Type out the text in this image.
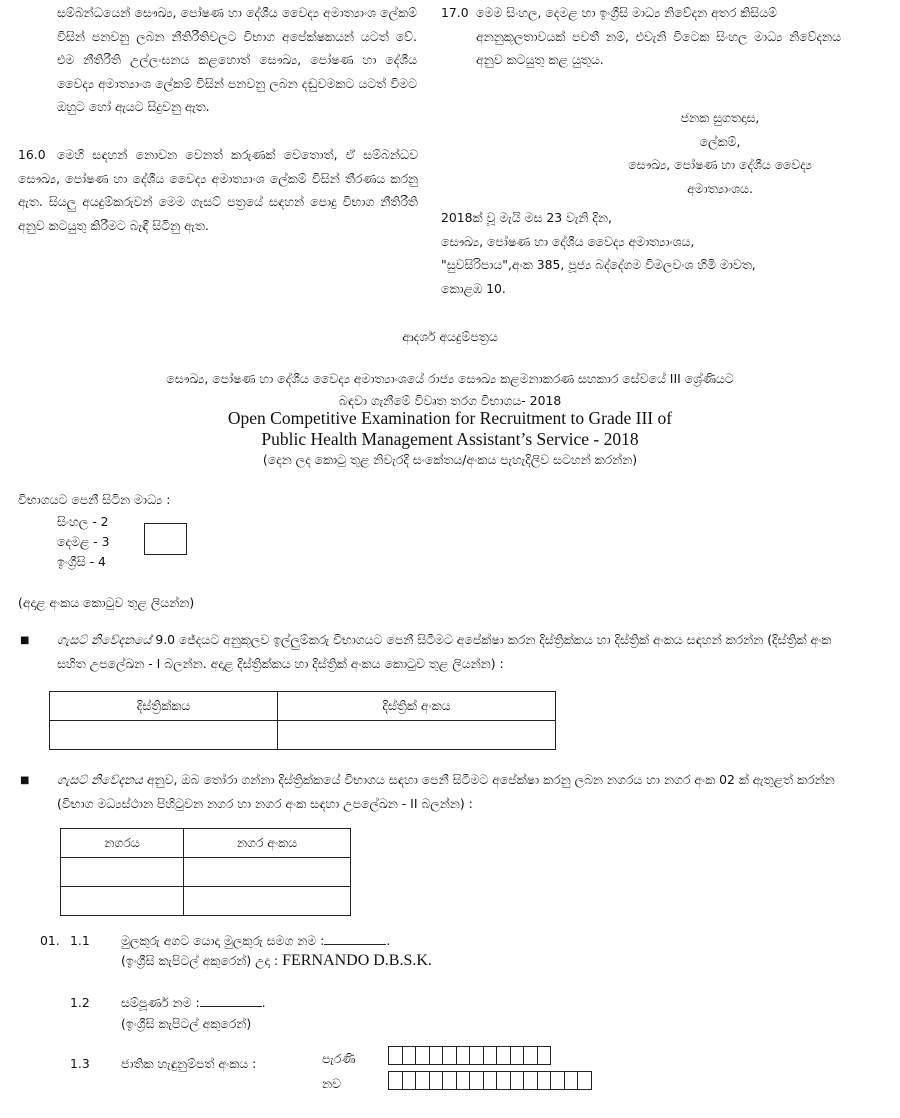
සම්බන්ධයෙන් සෞඛ්‍ය, පෝෂණ හා දේශීය වෛද්‍ය අමාත්‍යාංශ ලේකම් විසින් පනවනු ලබන නීතිරීතිවලට විභාග අපේක්ෂකයන් යටත් වේ. එම නීතිරීති උල්ලංඝනය කළහොත් සෞඛ්‍ය, පෝෂණ හා දේශීය වෛද්‍ය අමාත්‍යාංශ ලේකම් විසින් පනවනු ලබන දඬුවමකට යටත් විමට ඔහුට හෝ ඇයට සිදුවනු ඇත.
16.0 මෙහි සඳහන් නොවන වෙනත් කරුණක් වෙතොත්, ඒ සම්බන්ධව සෞඛ්‍ය, පෝෂණ හා දේශීය වෛද්‍ය අමාත්‍යාංශ ලේකම් විසින් තීරණය කරනු ඇත. සියලු අයදුම්කරුවන් මෙම ගැසට් පත්‍රයේ සඳහන් පොදු විභාග නීතිරීති අනුව කටයුතු කිරීමට බැඳී සිටිනු ඇත.
17.0 මෙම සිංහල, දෙමළ හා ඉංග්‍රීසි මාධ්‍ය නිවේදන අතර කිසියම්
අනනුකූලතාවයක් පවතී නම්, එවැනි විටෙක සිංහල මාධ්‍ය නිවේදනය අනුව කටයුතු කළ යුතුය.
ජනක සුගතදාස,
ලේකම්,
සෞඛ්‍ය, පෝෂණ හා දේශීය වෛද්‍ය
අමාත්‍යාංශය.
2018ක් වූ මැයි මස 23 වැනි දින,
සෞඛ්‍ය, පෝෂණ හා දේශීය වෛද්‍ය අමාත්‍යාංශය,
"සුවසිරිපාය",අංක 385, පූජ්‍ය බද්දේගම විමලවංශ හිමි මාවත,
කොළඹ 10.
ආදර්ශ අයදුම්පත්‍රය
සෞඛ්‍ය, පෝෂණ හා දේශීය වෛද්‍ය අමාත්‍යාංශයේ රාජ්‍ය සෞඛ්‍ය කළමනාකරණ සහකාර සේවයේ III ශ්‍රේණියට
බඳවා ගැනීමේ විවෘත තරග විභාගය- 2018
Open Competitive Examination for Recruitment to Grade III of
Public Health Management Assistant’s Service - 2018
(දෙන ලද කොටු තුළ නිවැරදි සංකේතය/අංකය පැහැදිලිව සටහන් කරන්න)
විභාගයට පෙනී සිටින මාධ්‍ය :
සිංහල - 2
දෙමළ - 3
ඉංග්‍රීසි - 4
(අදාළ අංකය කොටුව තුළ ලියන්න)
■ ගැසට් නිවේදනයේ 9.0 ජේදයට අනුකූලව ඉල්ලුම්කරු විභාගයට පෙනී සිටීමට අපේක්ෂා කරන දිස්ත්‍රික්කය හා දිස්ත්‍රික් අංකය සඳහන් කරන්න (දිස්ත්‍රික් අංක සහිත උපලේඛන - I බලන්න. අදාළ දිස්ත්‍රික්කය හා දිස්ත්‍රික් අංකය කොටුව තුළ ලියන්න) :
දිස්ත්‍රික්කය	දිස්ත්‍රික් අංකය

■ ගැසට් නිවේදනය අනුව, ඔබ තෝරා ගන්නා දිස්ත්‍රික්කයේ විභාගය සඳහා පෙනී සිටීමට අපේක්ෂා කරනු ලබන නගරය හා නගර අංක 02 ක් ඇතුළත් කරන්න (විභාග මධ්‍යස්ථාන පිහිටුවන නගර හා නගර අංක සඳහා උපලේඛන - II බලන්න) :
නගරය	නගර අංකය

01. 1.1	මුලකුරු අගට යොදා මුලකුරු සමග නම :	.
(ඉංග්‍රීසි කැපිටල් අකුරෙන්) උදා : FERNANDO D.B.S.K.
1.2	සම්පූර්ණ නම :	.
(ඉංග්‍රීසි කැපිටල් අකුරෙන්)
1.3	ජාතික හැඳුනුම්පත් අංකය :	පැරණි
නව
